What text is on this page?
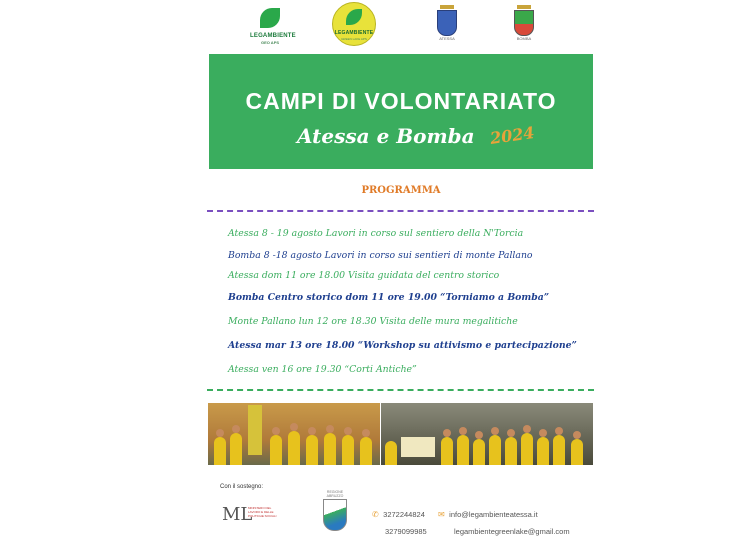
LEGAMBIENTE
GEO APS
LEGAMBIENTE
GREEN LAKE APS	ATESSA	BOMBA
CAMPI DI VOLONTARIATO
Atessa e Bomba 2024
PROGRAMMA
Atessa 8 - 19 agosto Lavori in corso sul sentiero della N'Torcia
Bomba 8 -18 agosto Lavori in corso sui sentieri di monte Pallano
Atessa dom 11 ore 18.00 Visita guidata del centro storico
Bomba Centro storico dom 11 ore 19.00 “Torniamo a Bomba”
Monte Pallano lun 12 ore 18.30 Visita delle mura megalitiche
Atessa mar 13 ore 18.00 “Workshop su attivismo e partecipazione”
Atessa ven 16 ore 19.30 “Corti Antiche”
Con il sostegno:
ML
MINISTERO DEL LAVORO E DELLE POLITICHE SOCIALI
REGIONE ABRUZZO
✆ 3272244824
3279099985
✉ info@legambienteatessa.it
legambientegreenlake@gmail.com
